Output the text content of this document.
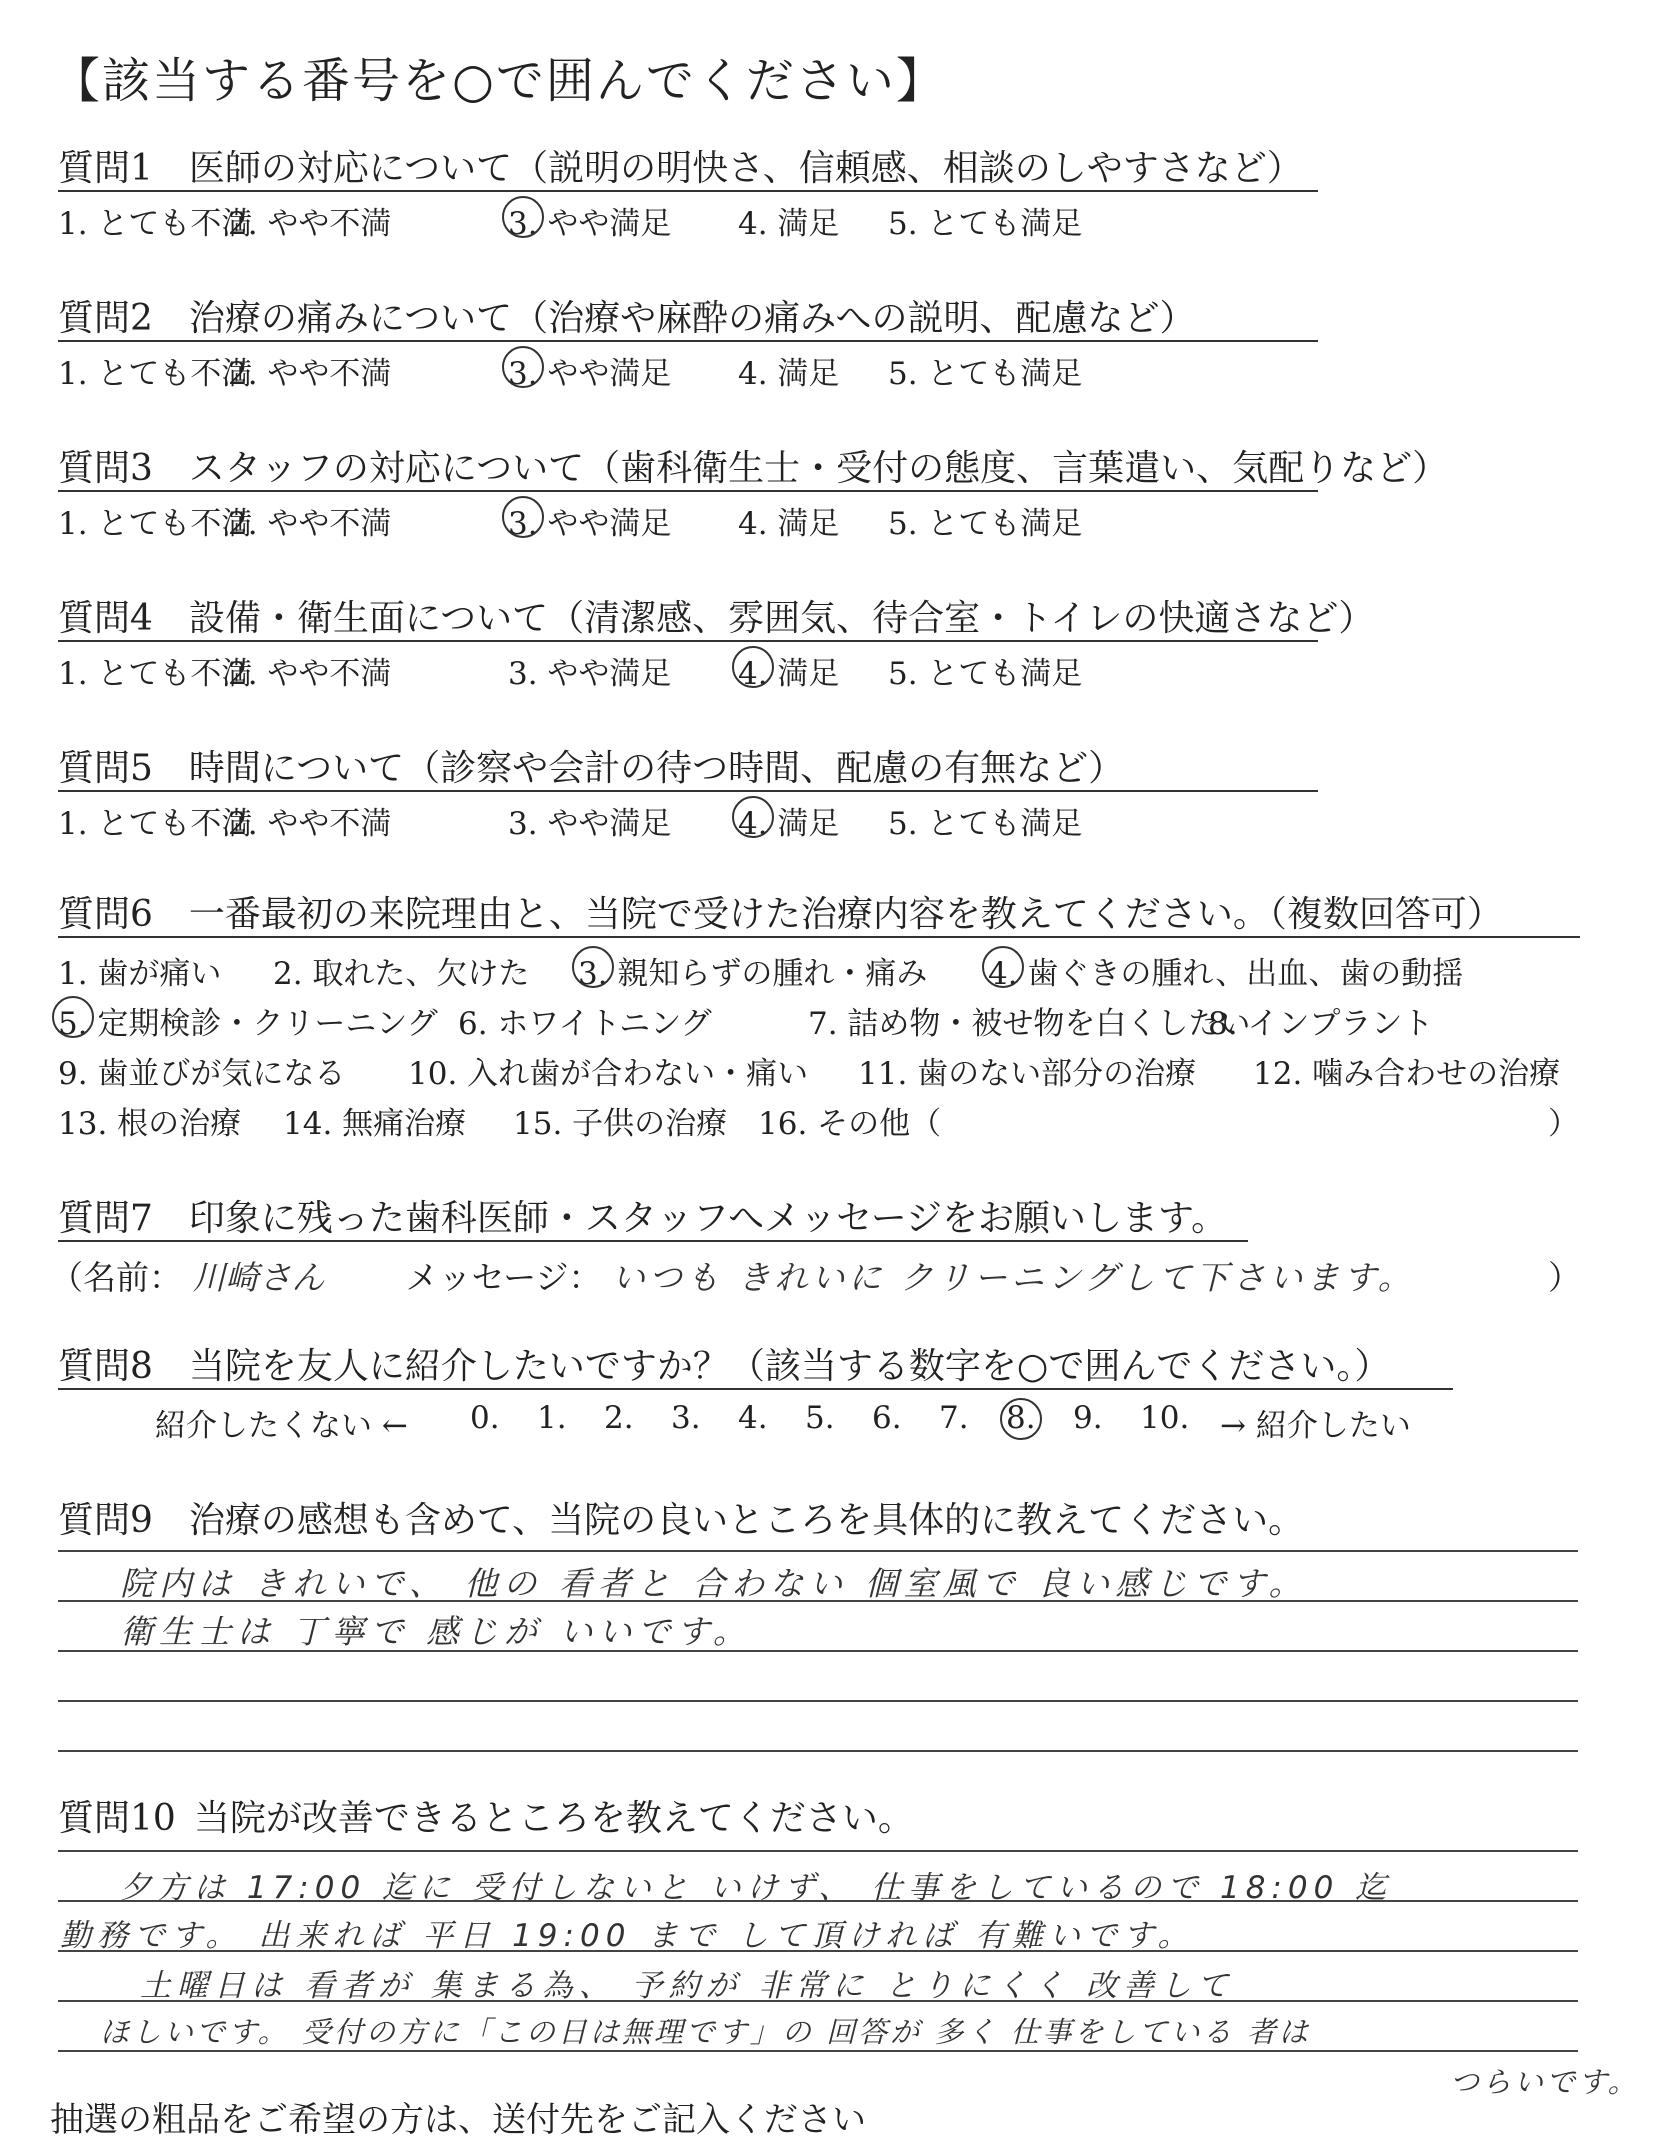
【該当する番号を○で囲んでください】
質問1 医師の対応について（説明の明快さ、信頼感、相談のしやすさなど）
1. とても不満
2. やや不満	3. やや満足 4. 満足 5. とても満足
質問2 治療の痛みについて（治療や麻酔の痛みへの説明、配慮など）
1. とても不満
2. やや不満	3. やや満足 4. 満足 5. とても満足
質問3 スタッフの対応について（歯科衛生士・受付の態度、言葉遣い、気配りなど）
1. とても不満
2. やや不満	3. やや満足 4. 満足 5. とても満足
質問4 設備・衛生面について（清潔感、雰囲気、待合室・トイレの快適さなど）
1. とても不満
2. やや不満	3. やや満足 4. 満足 5. とても満足
質問5 時間について（診察や会計の待つ時間、配慮の有無など）
1. とても不満
2. やや不満	3. やや満足 4. 満足 5. とても満足
質問6 一番最初の来院理由と、当院で受けた治療内容を教えてください。（複数回答可）
1. 歯が痛い 2. 取れた、欠けた 3. 親知らずの腫れ・痛み 4. 歯ぐきの腫れ、出血、歯の動揺
5. 定期検診・クリーニング 6. ホワイトニング	7. 詰め物・被せ物を白くしたい
8. インプラント
9. 歯並びが気になる 10. 入れ歯が合わない・痛い 11. 歯のない部分の治療 12. 噛み合わせの治療
13. 根の治療 14. 無痛治療 15. 子供の治療 16. その他（	）
質問7 印象に残った歯科医師・スタッフへメッセージをお願いします。
（名前： 川崎さん メッセージ： いつも きれいに クリーニングして下さいます。	）
質問8 当院を友人に紹介したいですか？（該当する数字を○で囲んでください。）
紹介したくない ← 0. 1. 2. 3. 4. 5. 6. 7. 8. 9. 10. → 紹介したい
質問9 治療の感想も含めて、当院の良いところを具体的に教えてください。
院内は きれいで、 他の 看者と 合わない 個室風で 良い感じです。
衛生士は 丁寧で 感じが いいです。
質問10 当院が改善できるところを教えてください。
夕方は 17:00 迄に 受付しないと いけず、 仕事をしているので 18:00 迄
勤務です。 出来れば 平日 19:00 まで して頂ければ 有難いです。
土曜日は 看者が 集まる為、 予約が 非常に とりにくく 改善して
ほしいです。 受付の方に「この日は無理です」の 回答が 多く 仕事をしている 者は
つらいです。
抽選の粗品をご希望の方は、送付先をご記入ください
